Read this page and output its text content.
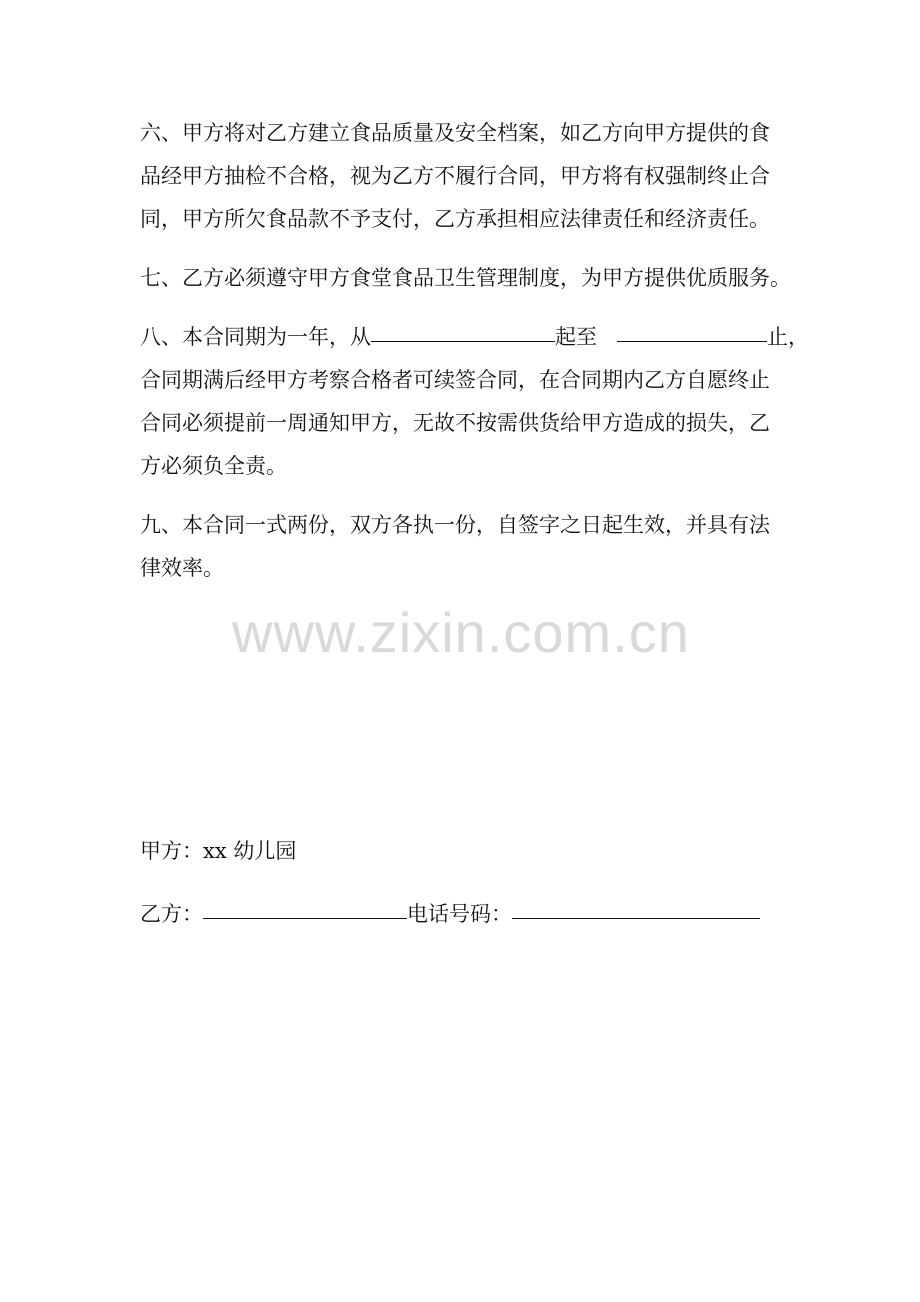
六、甲方将对乙方建立食品质量及安全档案，如乙方向甲方提供的食
品经甲方抽检不合格，视为乙方不履行合同，甲方将有权强制终止合
同，甲方所欠食品款不予支付，乙方承担相应法律责任和经济责任。

七、乙方必须遵守甲方食堂食品卫生管理制度，为甲方提供优质服务。

八、本合同期为一年，从	起至	止，
合同期满后经甲方考察合格者可续签合同，在合同期内乙方自愿终止
合同必须提前一周通知甲方，无故不按需供货给甲方造成的损失，乙
方必须负全责。

九、本合同一式两份，双方各执一份，自签字之日起生效，并具有法
律效率。

www.zixin.com.cn

甲方：xx 幼儿园

乙方：	电话号码：
